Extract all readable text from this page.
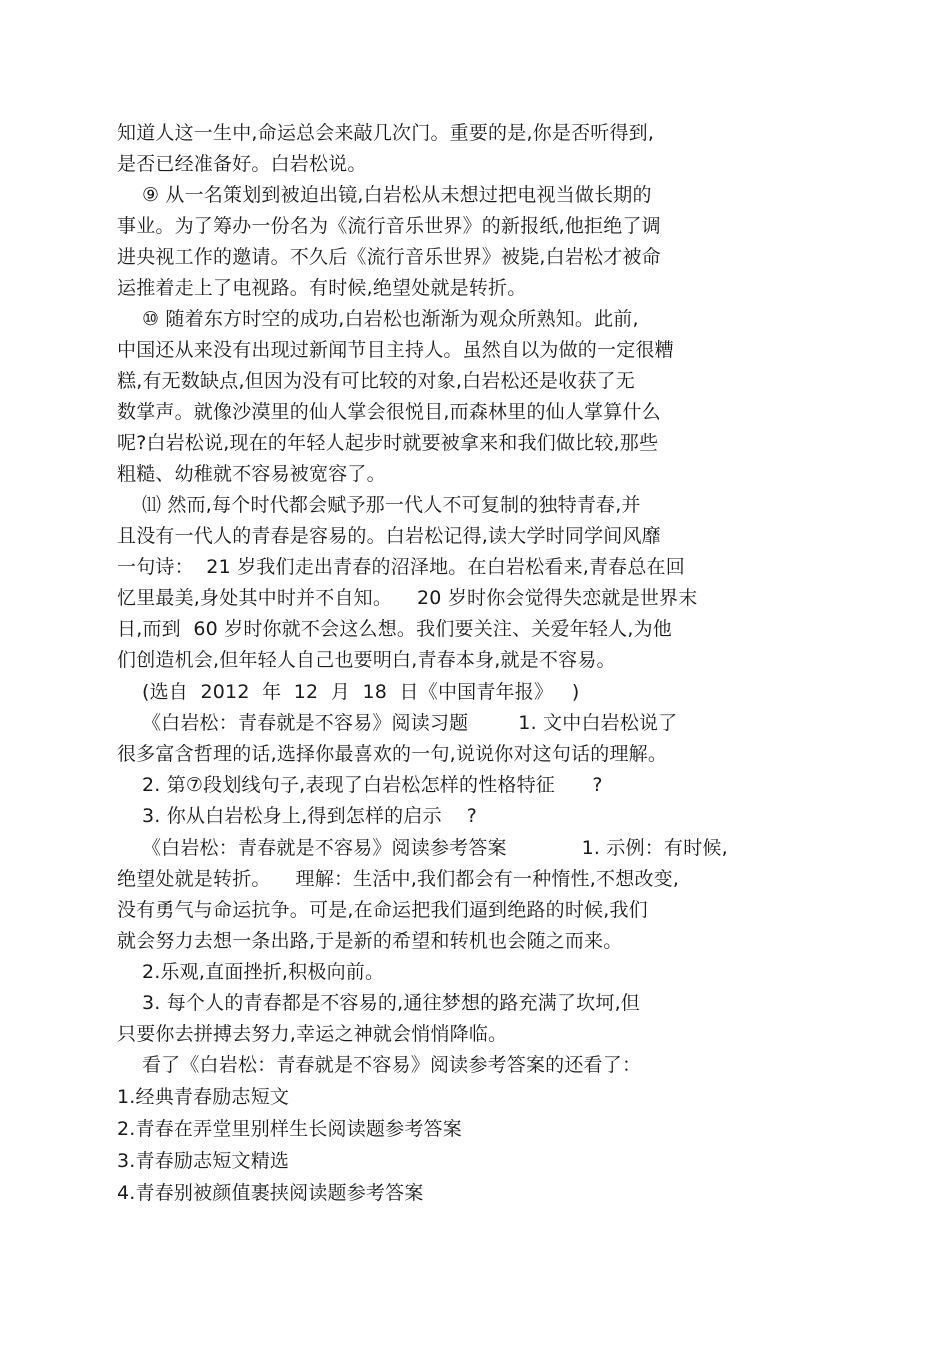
知道人这一生中,命运总会来敲几次门。重要的是,你是否听得到,
是否已经准备好。白岩松说。
⑨ 从一名策划到被迫出镜,白岩松从未想过把电视当做长期的
事业。为了筹办一份名为《流行音乐世界》的新报纸,他拒绝了调
进央视工作的邀请。不久后《流行音乐世界》被毙,白岩松才被命
运推着走上了电视路。有时候,绝望处就是转折。
⑩ 随着东方时空的成功,白岩松也渐渐为观众所熟知。此前,
中国还从来没有出现过新闻节目主持人。虽然自以为做的一定很糟
糕,有无数缺点,但因为没有可比较的对象,白岩松还是收获了无
数掌声。就像沙漠里的仙人掌会很悦目,而森林里的仙人掌算什么
呢?白岩松说,现在的年轻人起步时就要被拿来和我们做比较,那些
粗糙、幼稚就不容易被宽容了。
⑾ 然而,每个时代都会赋予那一代人不可复制的独特青春,并
且没有一代人的青春是容易的。白岩松记得,读大学时同学间风靡
一句诗：  21 岁我们走出青春的沼泽地。在白岩松看来,青春总在回
忆里最美,身处其中时并不自知。    20 岁时你会觉得失恋就是世界末
日,而到  60 岁时你就不会这么想。我们要关注、关爱年轻人,为他
们创造机会,但年轻人自己也要明白,青春本身,就是不容易。
(选自  2012  年  12  月  18  日《中国青年报》   )
《白岩松：青春就是不容易》阅读习题        1. 文中白岩松说了
很多富含哲理的话,选择你最喜欢的一句,说说你对这句话的理解。
2. 第⑦段划线句子,表现了白岩松怎样的性格特征      ?
3. 你从白岩松身上,得到怎样的启示    ?
《白岩松：青春就是不容易》阅读参考答案            1. 示例：有时候,
绝望处就是转折。    理解：生活中,我们都会有一种惰性,不想改变,
没有勇气与命运抗争。可是,在命运把我们逼到绝路的时候,我们
就会努力去想一条出路,于是新的希望和转机也会随之而来。
2.乐观,直面挫折,积极向前。
3. 每个人的青春都是不容易的,通往梦想的路充满了坎坷,但
只要你去拼搏去努力,幸运之神就会悄悄降临。
看了《白岩松：青春就是不容易》阅读参考答案的还看了：
1.经典青春励志短文
2.青春在弄堂里别样生长阅读题参考答案
3.青春励志短文精选
4.青春别被颜值裹挟阅读题参考答案
